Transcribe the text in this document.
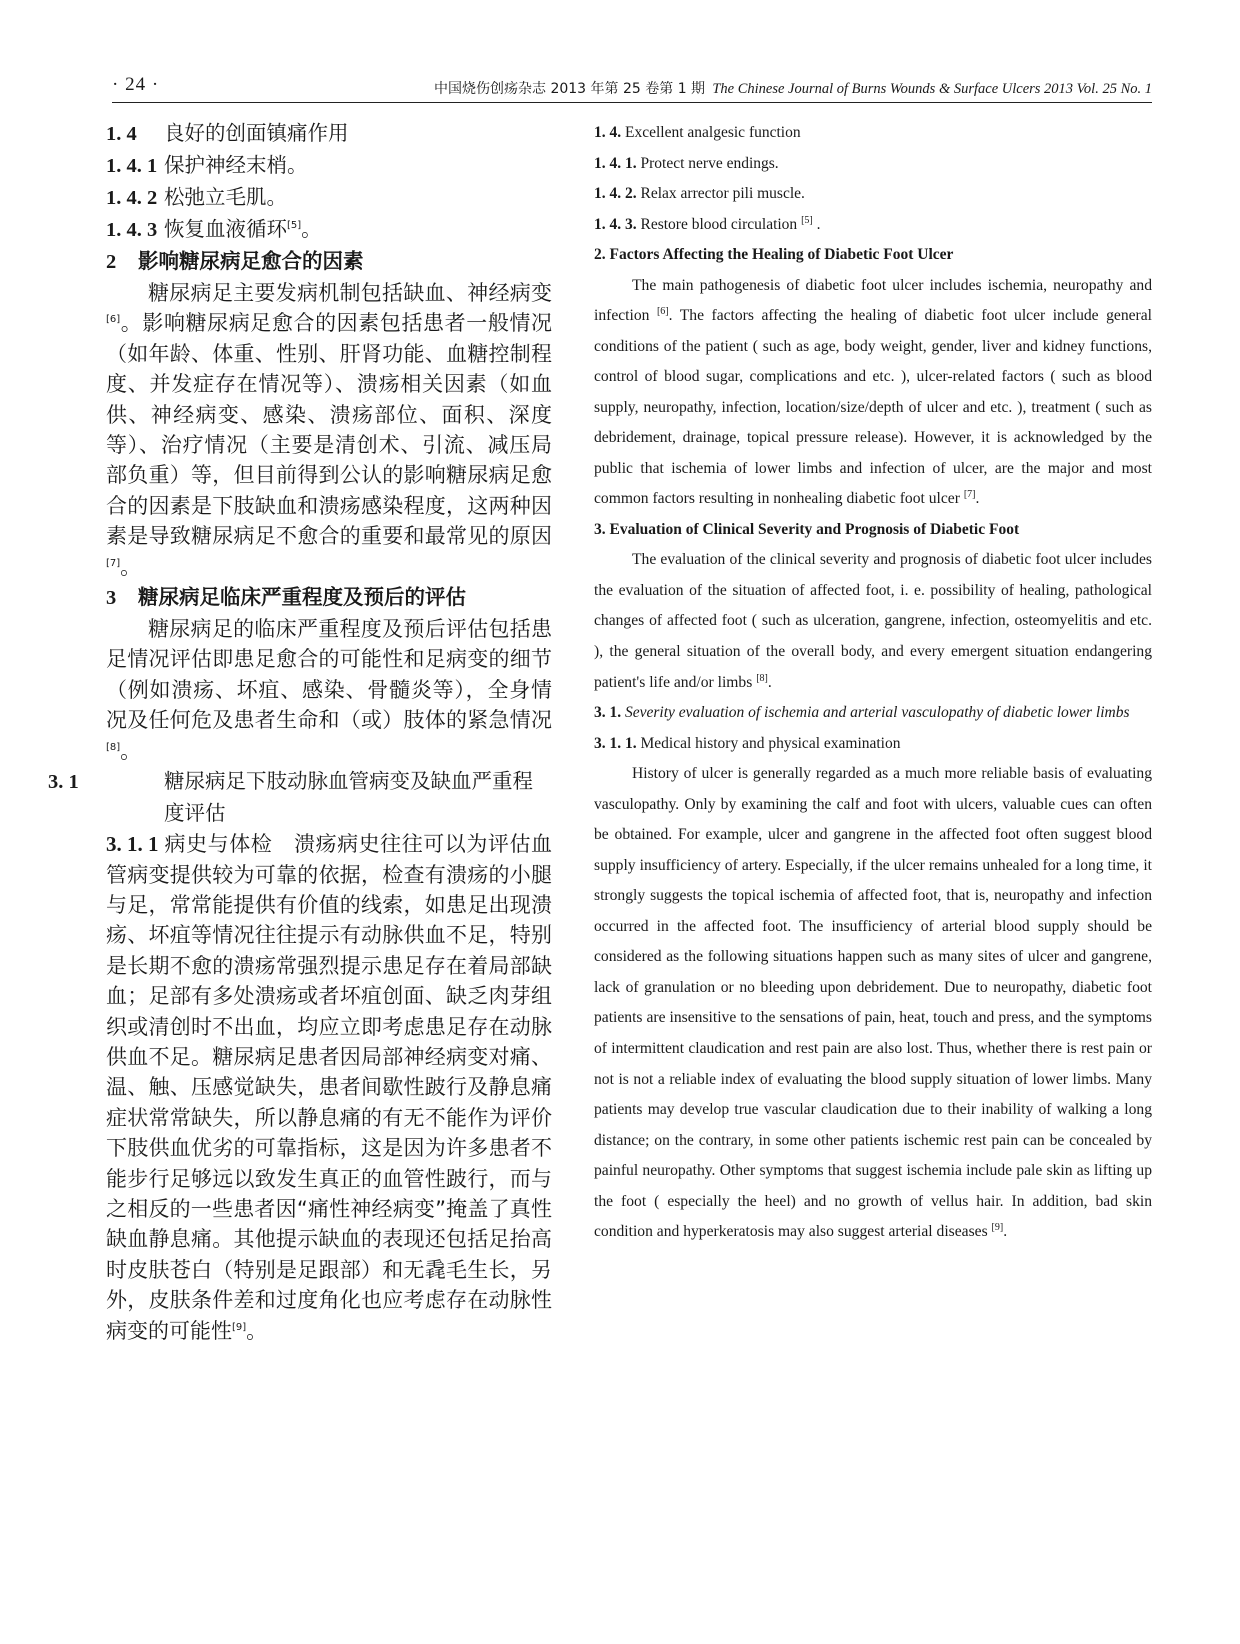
· 24 ·	中国烧伤创疡杂志 2013 年第 25 卷第 1 期 The Chinese Journal of Burns Wounds & Surface Ulcers 2013 Vol. 25 No. 1

1. 4 良好的创面镇痛作用

1. 4. 1 保护神经末梢。

1. 4. 2 松弛立毛肌。

1. 4. 3 恢复血液循环[5]。

2 影响糖尿病足愈合的因素

糖尿病足主要发病机制包括缺血、神经病变[6]。影响糖尿病足愈合的因素包括患者一般情况（如年龄、体重、性别、肝肾功能、血糖控制程度、并发症存在情况等）、溃疡相关因素（如血供、神经病变、感染、溃疡部位、面积、深度等）、治疗情况（主要是清创术、引流、减压局部负重）等，但目前得到公认的影响糖尿病足愈合的因素是下肢缺血和溃疡感染程度，这两种因素是导致糖尿病足不愈合的重要和最常见的原因[7]。

3 糖尿病足临床严重程度及预后的评估

糖尿病足的临床严重程度及预后评估包括患足情况评估即患足愈合的可能性和足病变的细节（例如溃疡、坏疽、感染、骨髓炎等），全身情况及任何危及患者生命和（或）肢体的紧急情况[8]。

3. 1	糖尿病足下肢动脉血管病变及缺血严重程度评估

3. 1. 1 病史与体检 溃疡病史往往可以为评估血管病变提供较为可靠的依据，检查有溃疡的小腿与足，常常能提供有价值的线索，如患足出现溃疡、坏疽等情况往往提示有动脉供血不足，特别是长期不愈的溃疡常强烈提示患足存在着局部缺血；足部有多处溃疡或者坏疽创面、缺乏肉芽组织或清创时不出血，均应立即考虑患足存在动脉供血不足。糖尿病足患者因局部神经病变对痛、温、触、压感觉缺失，患者间歇性跛行及静息痛症状常常缺失，所以静息痛的有无不能作为评价下肢供血优劣的可靠指标，这是因为许多患者不能步行足够远以致发生真正的血管性跛行，而与之相反的一些患者因“痛性神经病变”掩盖了真性缺血静息痛。其他提示缺血的表现还包括足抬高时皮肤苍白（特别是足跟部）和无毳毛生长，另外，皮肤条件差和过度角化也应考虑存在动脉性病变的可能性[9]。

1. 4. Excellent analgesic function

1. 4. 1. Protect nerve endings.

1. 4. 2. Relax arrector pili muscle.

1. 4. 3. Restore blood circulation [5] .

2. Factors Affecting the Healing of Diabetic Foot Ulcer

The main pathogenesis of diabetic foot ulcer includes ischemia, neuropathy and infection [6]. The factors affecting the healing of diabetic foot ulcer include general conditions of the patient ( such as age, body weight, gender, liver and kidney functions, control of blood sugar, complications and etc. ), ulcer-related factors ( such as blood supply, neuropathy, infection, location/size/depth of ulcer and etc. ), treatment ( such as debridement, drainage, topical pressure release). However, it is acknowledged by the public that ischemia of lower limbs and infection of ulcer, are the major and most common factors resulting in nonhealing diabetic foot ulcer [7].

3. Evaluation of Clinical Severity and Prognosis of Diabetic Foot

The evaluation of the clinical severity and prognosis of diabetic foot ulcer includes the evaluation of the situation of affected foot, i. e. possibility of healing, pathological changes of affected foot ( such as ulceration, gangrene, infection, osteomyelitis and etc. ), the general situation of the overall body, and every emergent situation endangering patient's life and/or limbs [8].

3. 1. Severity evaluation of ischemia and arterial vasculopathy of diabetic lower limbs

3. 1. 1. Medical history and physical examination

History of ulcer is generally regarded as a much more reliable basis of evaluating vasculopathy. Only by examining the calf and foot with ulcers, valuable cues can often be obtained. For example, ulcer and gangrene in the affected foot often suggest blood supply insufficiency of artery. Especially, if the ulcer remains unhealed for a long time, it strongly suggests the topical ischemia of affected foot, that is, neuropathy and infection occurred in the affected foot. The insufficiency of arterial blood supply should be considered as the following situations happen such as many sites of ulcer and gangrene, lack of granulation or no bleeding upon debridement. Due to neuropathy, diabetic foot patients are insensitive to the sensations of pain, heat, touch and press, and the symptoms of intermittent claudication and rest pain are also lost. Thus, whether there is rest pain or not is not a reliable index of evaluating the blood supply situation of lower limbs. Many patients may develop true vascular claudication due to their inability of walking a long distance; on the contrary, in some other patients ischemic rest pain can be concealed by painful neuropathy. Other symptoms that suggest ischemia include pale skin as lifting up the foot ( especially the heel) and no growth of vellus hair. In addition, bad skin condition and hyperkeratosis may also suggest arterial diseases [9].
